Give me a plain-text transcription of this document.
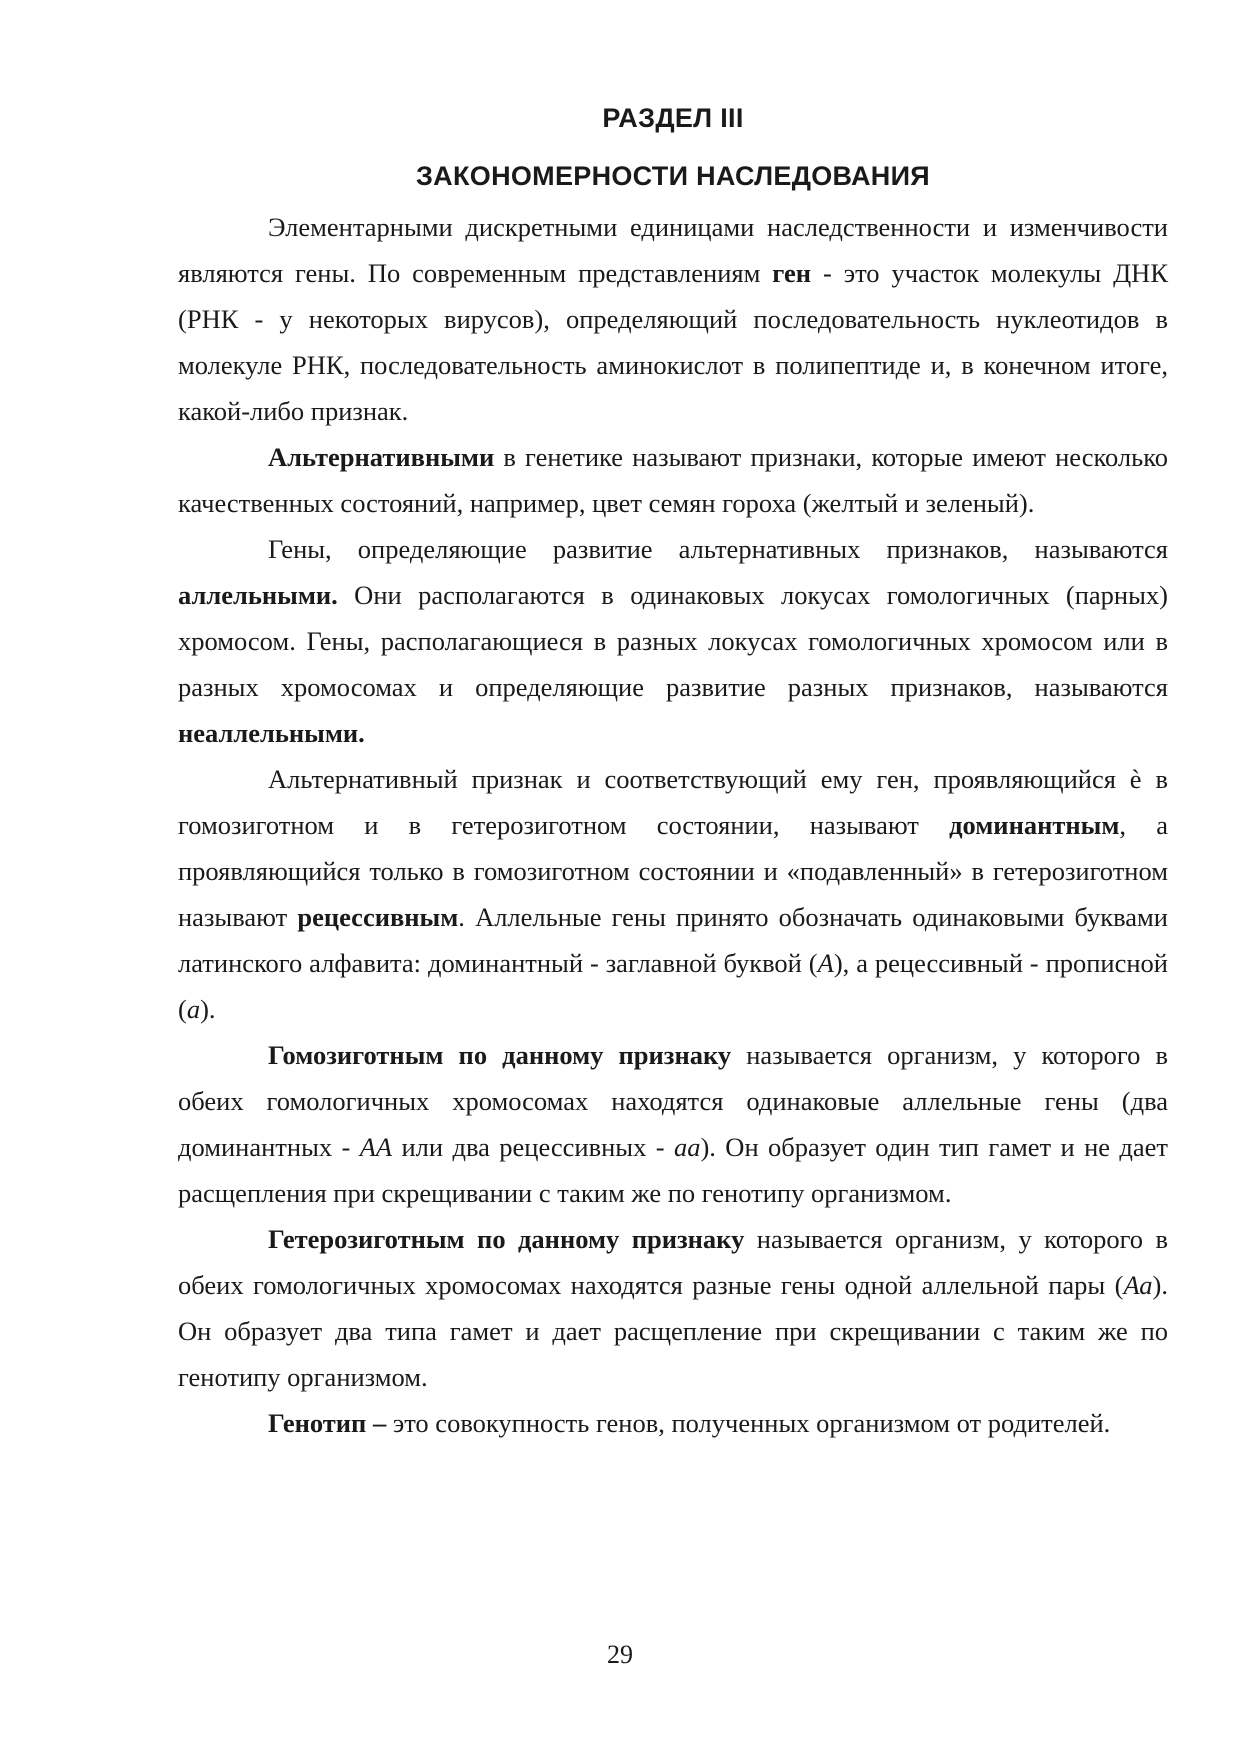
РАЗДЕЛ III
ЗАКОНОМЕРНОСТИ НАСЛЕДОВАНИЯ

Элементарными дискретными единицами наследственности и изменчивости являются гены. По современным представлениям ген - это участок молекулы ДНК (РНК - у некоторых вирусов), определяющий последовательность нуклеотидов в молекуле РНК, последовательность аминокислот в полипептиде и, в конечном итоге, какой-либо признак.

Альтернативными в генетике называют признаки, которые имеют несколько качественных состояний, например, цвет семян гороха (желтый и зеленый).

Гены, определяющие развитие альтернативных признаков, называются аллельными. Они располагаются в одинаковых локусах гомологичных (парных) хромосом. Гены, располагающиеся в разных локусах гомологичных хромосом или в разных хромосомах и определяющие развитие разных признаков, называются неаллельными.

Альтернативный признак и соответствующий ему ген, проявляющийся è в гомозиготном и в гетерозиготном состоянии, называют доминантным, а проявляющийся только в гомозиготном состоянии и «подавленный» в гетерозиготном называют рецессивным. Аллельные гены принято обозначать одинаковыми буквами латинского алфавита: доминантный - заглавной буквой (А), а рецессивный - прописной (а).

Гомозиготным по данному признаку называется организм, у которого в обеих гомологичных хромосомах находятся одинаковые аллельные гены (два доминантных - АА или два рецессивных - аа). Он образует один тип гамет и не дает расщепления при скрещивании с таким же по генотипу организмом.

Гетерозиготным по данному признаку называется организм, у которого в обеих гомологичных хромосомах находятся разные гены одной аллельной пары (Аа). Он образует два типа гамет и дает расщепление при скрещивании с таким же по генотипу организмом.

Генотип – это совокупность генов, полученных организмом от родителей.

29
